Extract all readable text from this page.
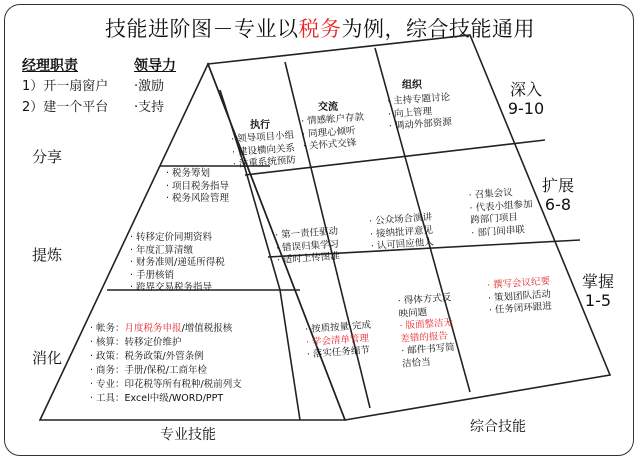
技能进阶图－专业以税务为例，综合技能通用
经理职责
1）开一扇窗户
2）建一个平台
领导力
·激励
·支持
分享
提炼
消化
深入
9-10
扩展
6-8
掌握
1-5
· 税务筹划
· 项目税务指导
· 税务风险管理
· 转移定价同期资料
· 年度汇算清缴
· 财务准则/递延所得税
· 手册核销
· 跨界交易税务指导
· 帐务：月度税务申报/增值税报核
· 核算：转移定价维护
· 政策：税务政策/外管条例
· 商务：手册/保税/工商年检
· 专业：印花税等所有税种/税前列支
· 工具：Excel中级/WORD/PPT
执行
· 领导项目小组
· 建设横向关系
· 注重系统预防
交流
· 情感帐户存款
· 同理心倾听
· 关怀式交锋
组织
· 主持专题讨论
· 向上管理
· 调动外部资源
· 第一责任驱动
· 错误归集学习
· 适时上传图准
· 公众场合演讲
· 接纳批评意见
· 认可回应他人
· 召集会议
· 代表小组参加
跨部门项目
· 部门间串联
· 按质按量 完成
· 学会清单管理
· 落实任务细节
· 得体方式反
映问题
· 版面整洁无
差错的报告
· 邮件书写简
洁恰当
· 撰写会议纪要
· 策划团队活动
· 任务闭环跟进
专业技能	综合技能
